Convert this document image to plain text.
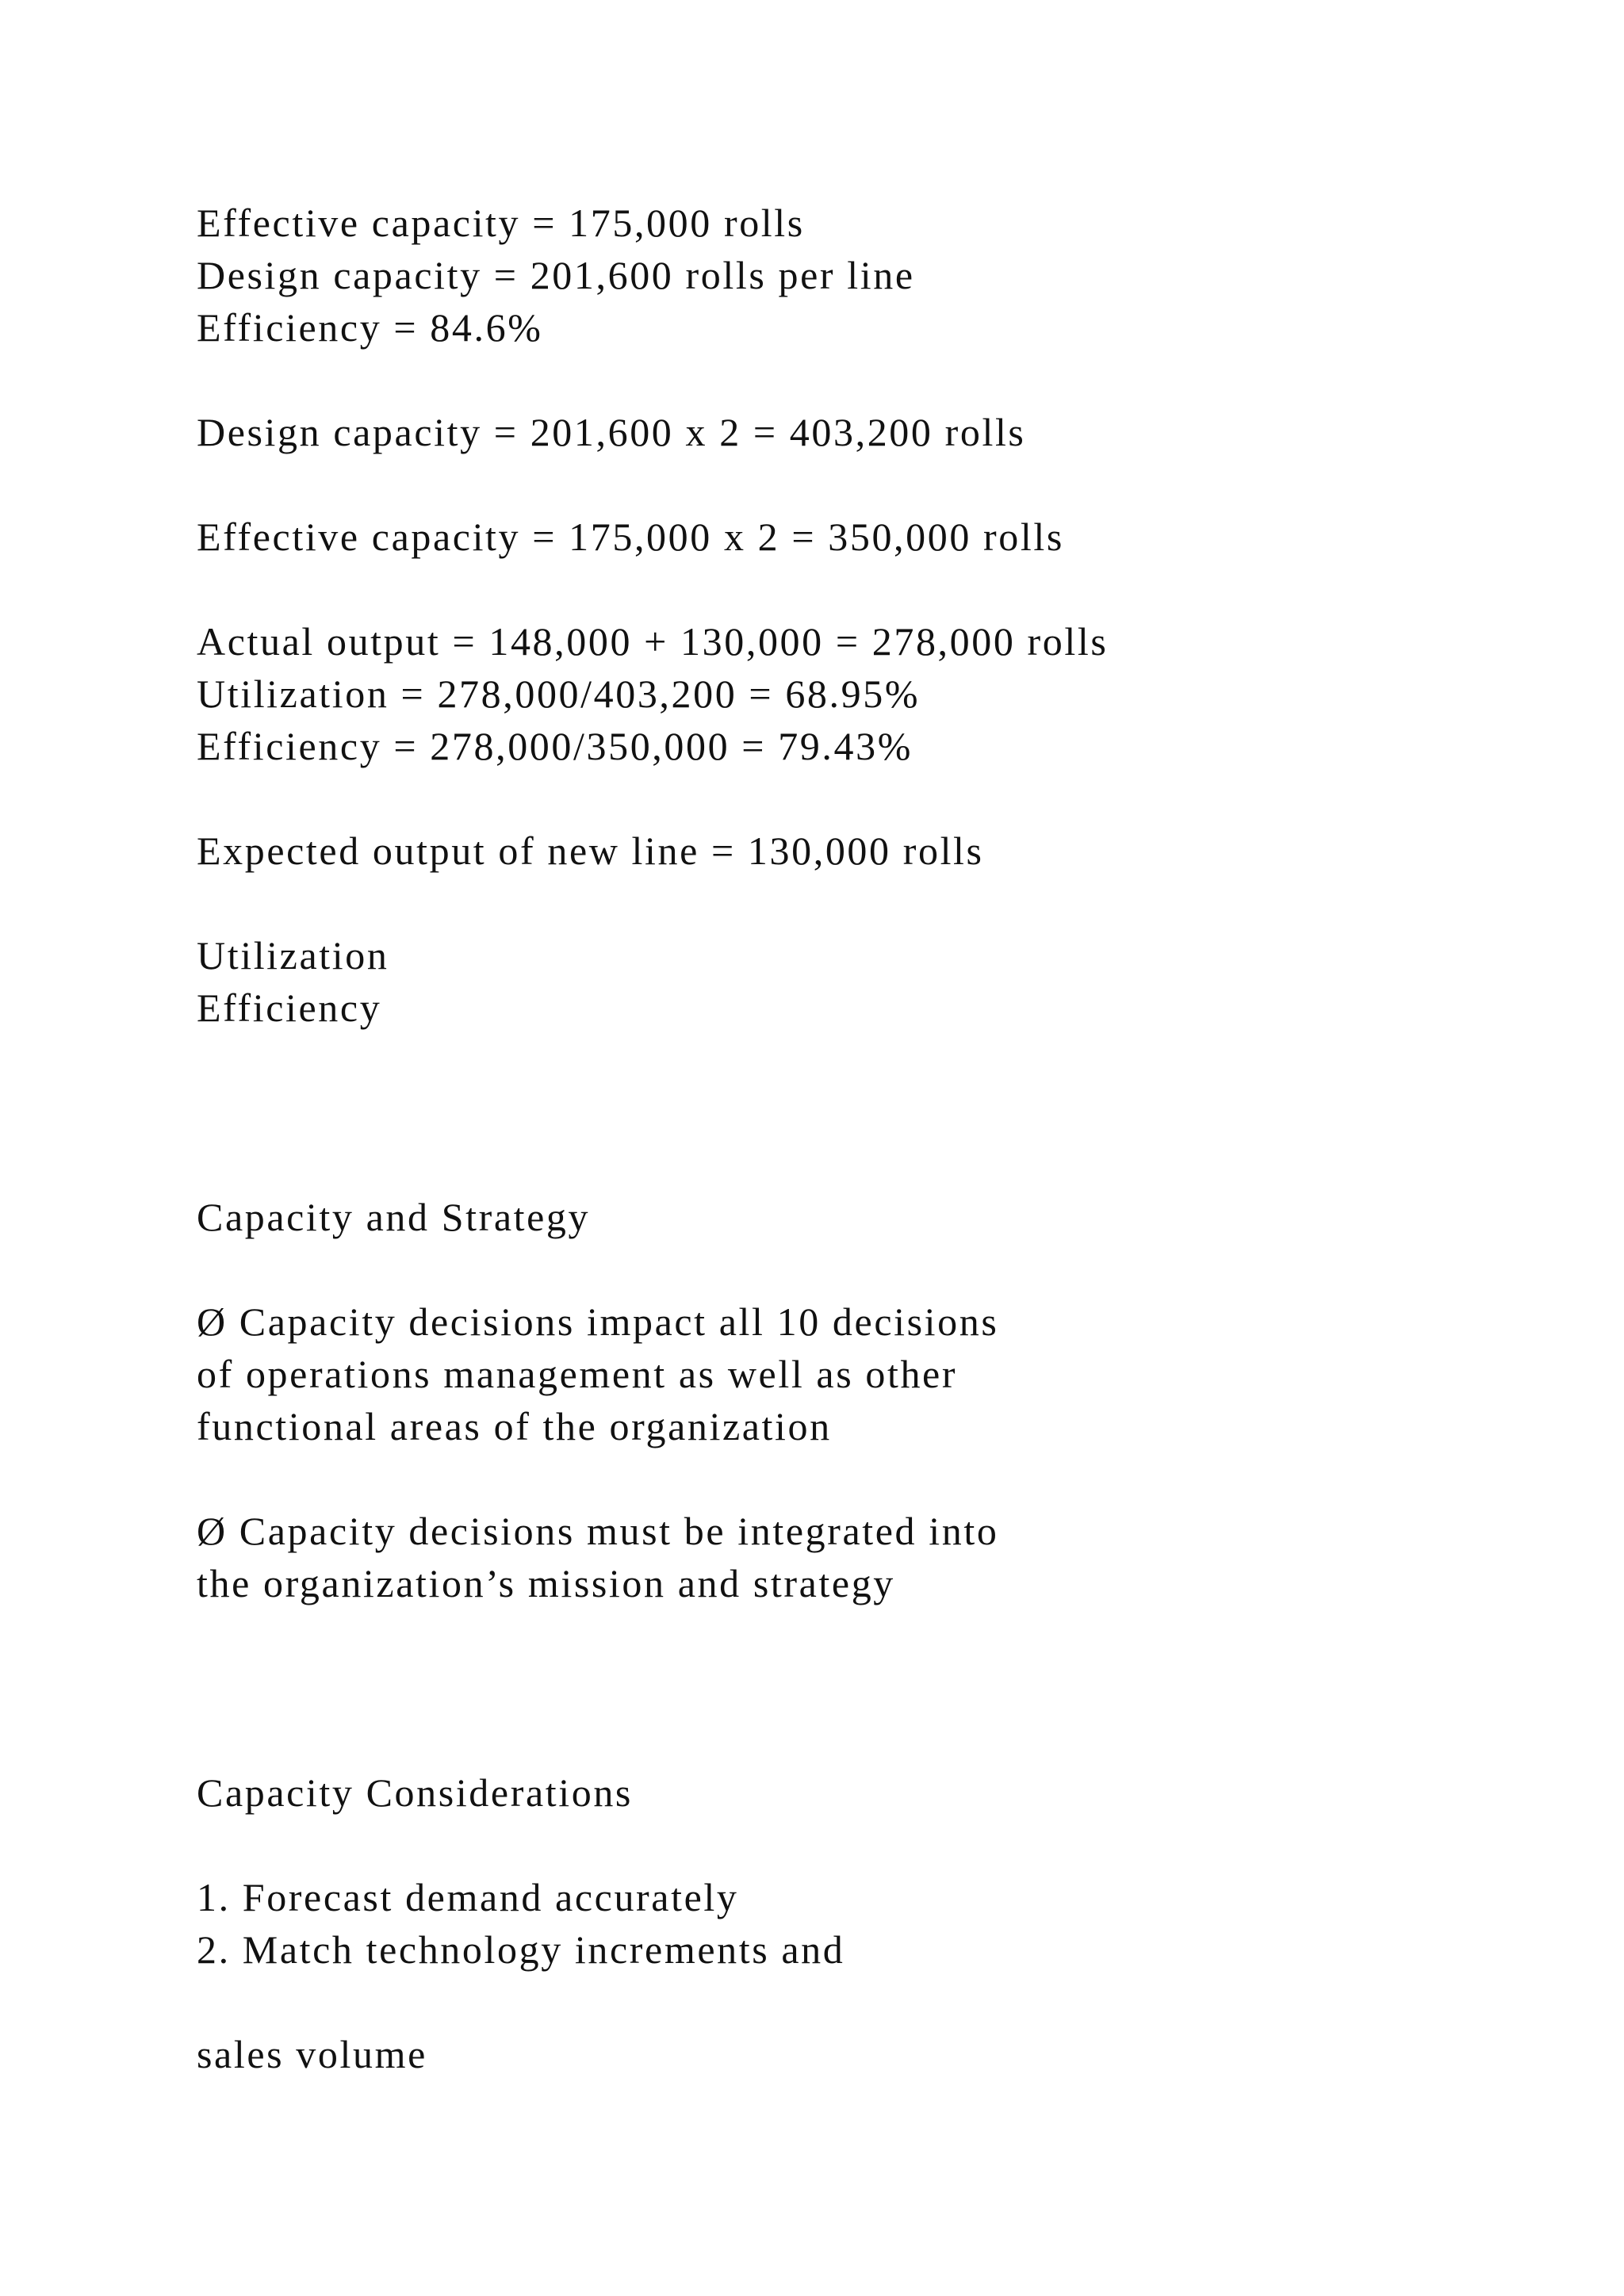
Effective capacity = 175,000 rolls
Design capacity = 201,600 rolls per line
Efficiency = 84.6%
Design capacity = 201,600 x 2 = 403,200 rolls
Effective capacity = 175,000 x 2 = 350,000 rolls
Actual output = 148,000 + 130,000 = 278,000 rolls
Utilization = 278,000/403,200 = 68.95%
Efficiency = 278,000/350,000 = 79.43%
Expected output of new line = 130,000 rolls
Utilization
Efficiency
Capacity and Strategy
Ø Capacity decisions impact all 10 decisions
of operations management as well as other
functional areas of the organization
Ø Capacity decisions must be integrated into
the organization’s mission and strategy
Capacity Considerations
1. Forecast demand accurately
2. Match technology increments and
sales volume
